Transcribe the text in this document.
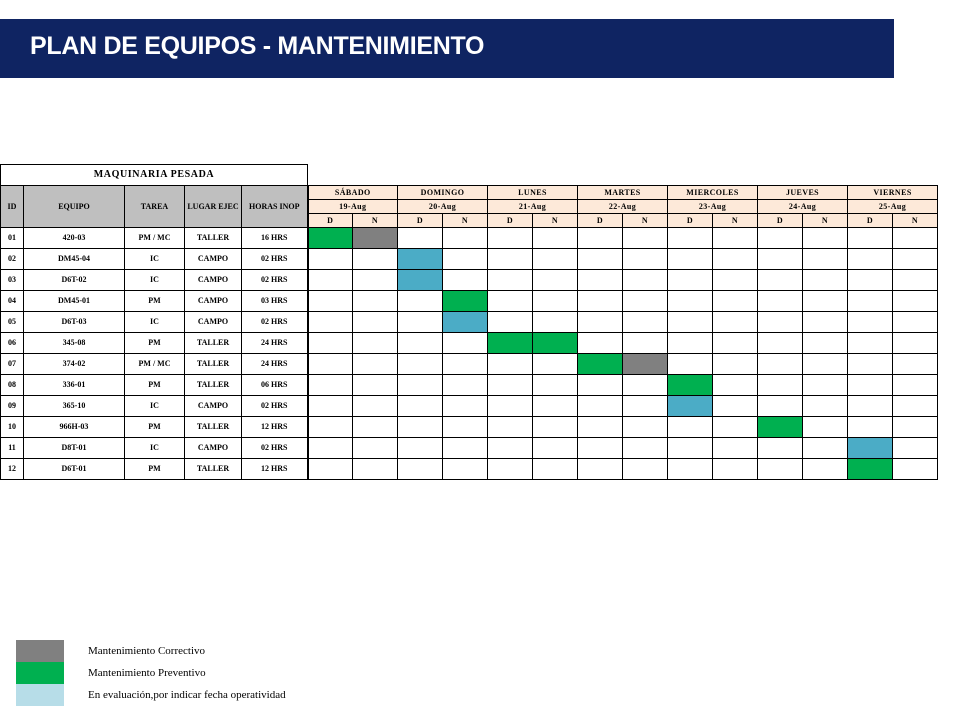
PLAN DE EQUIPOS - MANTENIMIENTO
MAQUINARIA PESADA																		
ID	EQUIPO	TAREA	LUGAR EJEC	HORAS INOP	SÁBADO		DOMINGO		LUNES		MARTES		MIERCOLES		JUEVES		VIERNES	
					19-Aug		20-Aug		21-Aug		22-Aug		23-Aug		24-Aug		25-Aug	
					D	N	D	N	D	N	D	N	D	N	D	N	D	N
01	420-03	PM / MC	TALLER	16 HRS														
02	DM45-04	IC	CAMPO	02 HRS														
03	D6T-02	IC	CAMPO	02 HRS														
04	DM45-01	PM	CAMPO	03 HRS														
05	D6T-03	IC	CAMPO	02 HRS														
06	345-08	PM	TALLER	24 HRS														
07	374-02	PM / MC	TALLER	24 HRS														
08	336-01	PM	TALLER	06 HRS														
09	365-10	IC	CAMPO	02 HRS														
10	966H-03	PM	TALLER	12 HRS														
11	D8T-01	IC	CAMPO	02 HRS														
12	D6T-01	PM	TALLER	12 HRS														
Mantenimiento Correctivo
Mantenimiento Preventivo
En evaluación,por indicar fecha operatividad
